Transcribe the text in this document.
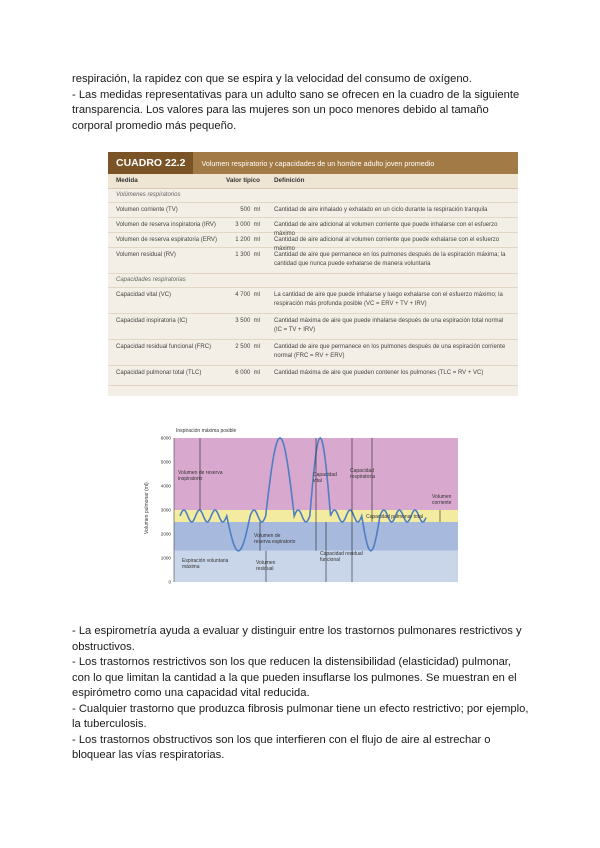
respiración, la rapidez con que se espira y la velocidad del consumo de oxígeno.

- Las medidas representativas para un adulto sano se ofrecen en la cuadro de la siguiente transparencia. Los valores para las mujeres son un poco menores debido al tamaño corporal promedio más pequeño.

CUADRO 22.2	Volumen respiratorio y capacidades de un hombre adulto joven promedio
Medida	Valor típico	Definición
Volúmenes respiratorios
Volumen corriente (TV)	500 ml	Cantidad de aire inhalado y exhalado en un ciclo durante la respiración tranquila
Volumen de reserva inspiratoria (IRV)	3 000 ml	Cantidad de aire adicional al volumen corriente que puede inhalarse con el esfuerzo máximo
Volumen de reserva espiratoria (ERV)	1 200 ml	Cantidad de aire adicional al volumen corriente que puede exhalarse con el esfuerzo máximo
Volumen residual (RV)	1 300 ml	Cantidad de aire que permanece en los pulmones después de la espiración máxima; la cantidad que nunca puede exhalarse de manera voluntaria
Capacidades respiratorias
Capacidad vital (VC)	4 700 ml	La cantidad de aire que puede inhalarse y luego exhalarse con el esfuerzo máximo; la respiración más profunda posible (VC = ERV + TV + IRV)
Capacidad inspiratoria (IC)	3 500 ml	Cantidad máxima de aire que puede inhalarse después de una espiración total normal (IC = TV + IRV)
Capacidad residual funcional (FRC)	2 500 ml	Cantidad de aire que permanece en los pulmones después de una espiración corriente normal (FRC = RV + ERV)
Capacidad pulmonar total (TLC)	6 000 ml	Cantidad máxima de aire que pueden contener los pulmones (TLC = RV + VC)
6000
5000
4000
3000
2000
1000
0
Inspiración máxima posible
Volumen pulmonar (ml)
Volumen de reserva
inspiratorio
Capacidad
vital
Capacidad
respiratoria
Volumen
corriente
Capacidad pulmonar total
Volumen de
reserva espiratorio
Espiración voluntaria
máxima
Volumen
residual
Capacidad residual
funcional

- La espirometría ayuda a evaluar y distinguir entre los trastornos pulmonares restrictivos y obstructivos.

- Los trastornos restrictivos son los que reducen la distensibilidad (elasticidad) pulmonar, con lo que limitan la cantidad a la que pueden insuflarse los pulmones. Se muestran en el espirómetro como una capacidad vital reducida.

- Cualquier trastorno que produzca fibrosis pulmonar tiene un efecto restrictivo; por ejemplo, la tuberculosis.

- Los trastornos obstructivos son los que interfieren con el flujo de aire al estrechar o bloquear las vías respiratorias.
